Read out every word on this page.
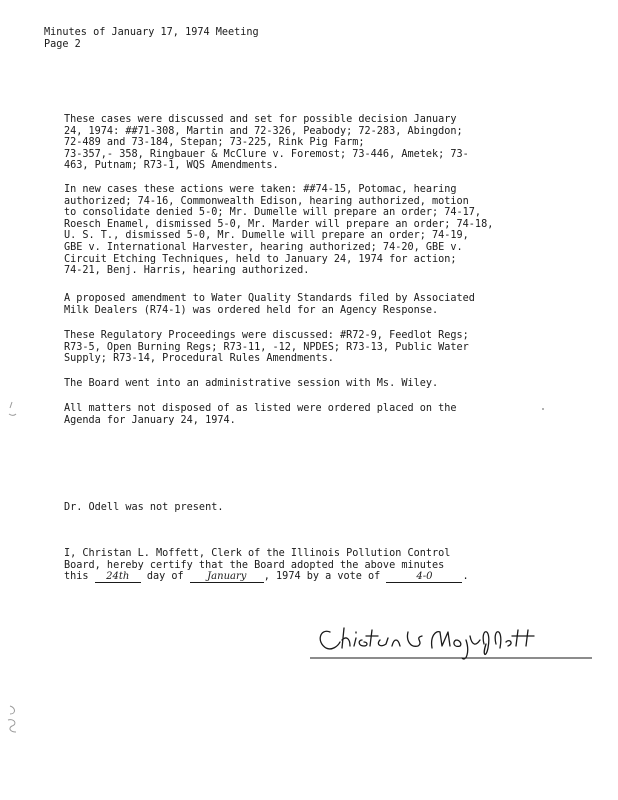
Minutes of January 17, 1974 Meeting
Page 2
These cases were discussed and set for possible decision January
24, 1974: ##71-308, Martin and 72-326, Peabody; 72-283, Abingdon;
72-489 and 73-184, Stepan; 73-225, Rink Pig Farm;
73-357,- 358, Ringbauer & McClure v. Foremost; 73-446, Ametek; 73-
463, Putnam; R73-1, WQS Amendments.
In new cases these actions were taken: ##74-15, Potomac, hearing
authorized; 74-16, Commonwealth Edison, hearing authorized, motion
to consolidate denied 5-0; Mr. Dumelle will prepare an order; 74-17,
Roesch Enamel, dismissed 5-0, Mr. Marder will prepare an order; 74-18,
U. S. T., dismissed 5-0, Mr. Dumelle will prepare an order; 74-19,
GBE v. International Harvester, hearing authorized; 74-20, GBE v.
Circuit Etching Techniques, held to January 24, 1974 for action;
74-21, Benj. Harris, hearing authorized.
A proposed amendment to Water Quality Standards filed by Associated
Milk Dealers (R74-1) was ordered held for an Agency Response.
These Regulatory Proceedings were discussed: #R72-9, Feedlot Regs;
R73-5, Open Burning Regs; R73-11, -12, NPDES; R73-13, Public Water
Supply; R73-14, Procedural Rules Amendments.
The Board went into an administrative session with Ms. Wiley.
All matters not disposed of as listed were ordered placed on the
Agenda for January 24, 1974.
Dr. Odell was not present.
I, Christan L. Moffett, Clerk of the Illinois Pollution Control
Board, hereby certify that the Board adopted the above minutes
this 24th day of January , 1974 by a vote of	4-0	.
